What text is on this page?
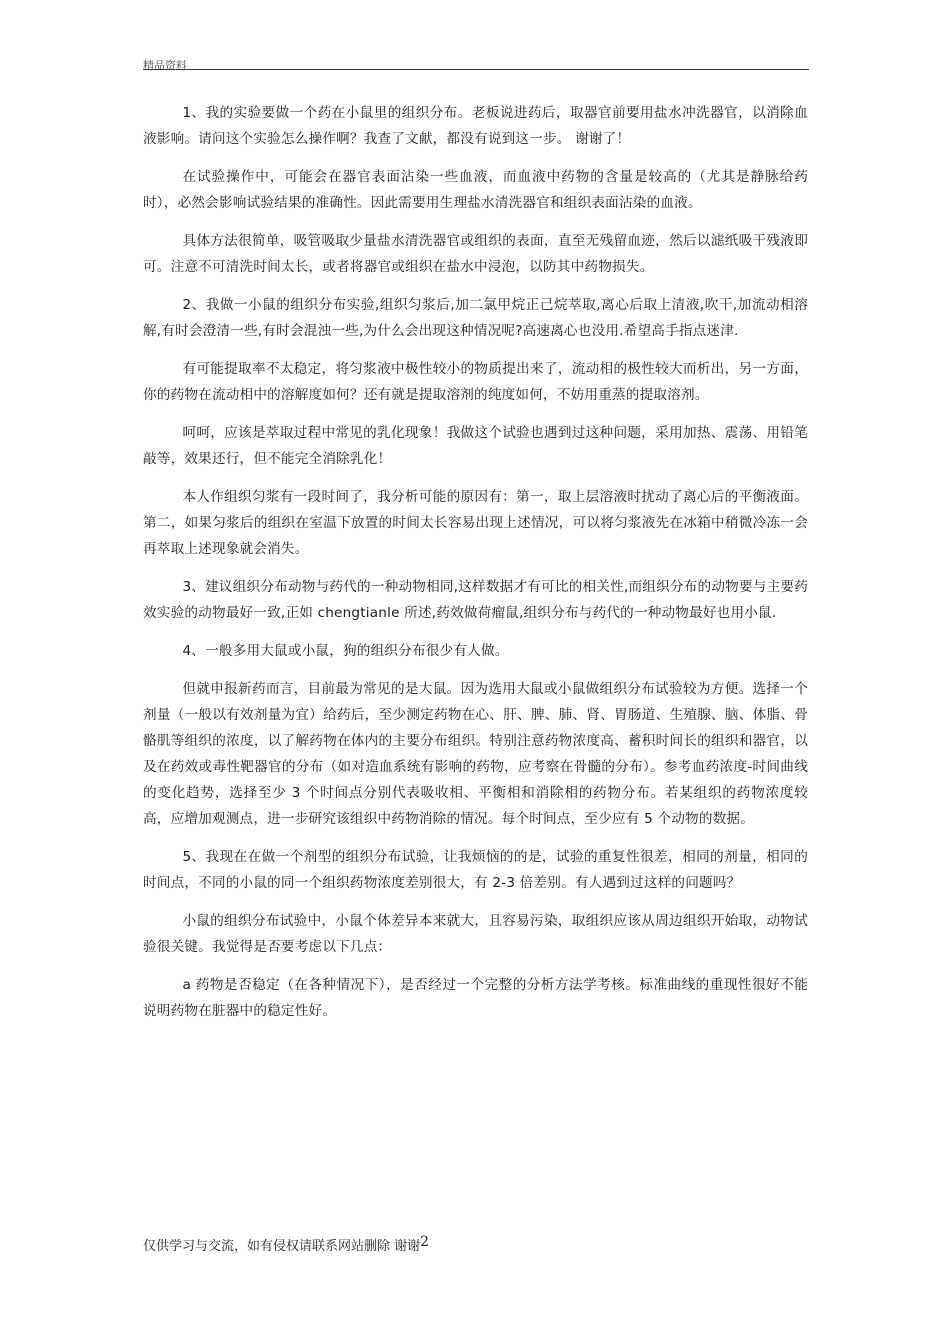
精品资料

1、我的实验要做一个药在小鼠里的组织分布。老板说进药后，取器官前要用盐水冲洗器官，以消除血液影响。请问这个实验怎么操作啊？我查了文献，都没有说到这一步。 谢谢了！

在试验操作中，可能会在器官表面沾染一些血液，而血液中药物的含量是较高的（尤其是静脉给药时），必然会影响试验结果的准确性。因此需要用生理盐水清洗器官和组织表面沾染的血液。

具体方法很简单，吸管吸取少量盐水清洗器官或组织的表面，直至无残留血迹，然后以滤纸吸干残液即可。注意不可清洗时间太长，或者将器官或组织在盐水中浸泡，以防其中药物损失。

2、我做一小鼠的组织分布实验,组织匀浆后,加二氯甲烷正己烷萃取,离心后取上清液,吹干,加流动相溶解,有时会澄清一些,有时会混浊一些,为什么会出现这种情况呢?高速离心也没用.希望高手指点迷津.

有可能提取率不太稳定，将匀浆液中极性较小的物质提出来了，流动相的极性较大而析出，另一方面，你的药物在流动相中的溶解度如何？还有就是提取溶剂的纯度如何，不妨用重蒸的提取溶剂。

呵呵，应该是萃取过程中常见的乳化现象！我做这个试验也遇到过这种问题，采用加热、震荡、用铅笔敲等，效果还行，但不能完全消除乳化！

本人作组织匀浆有一段时间了，我分析可能的原因有：第一，取上层溶液时扰动了离心后的平衡液面。第二，如果匀浆后的组织在室温下放置的时间太长容易出现上述情况，可以将匀浆液先在冰箱中稍微冷冻一会再萃取上述现象就会消失。

3、建议组织分布动物与药代的一种动物相同,这样数据才有可比的相关性,而组织分布的动物要与主要药效实验的动物最好一致,正如 chengtianle 所述,药效做荷瘤鼠,组织分布与药代的一种动物最好也用小鼠.

4、一般多用大鼠或小鼠，狗的组织分布很少有人做。

但就申报新药而言，目前最为常见的是大鼠。因为选用大鼠或小鼠做组织分布试验较为方便。选择一个剂量（一般以有效剂量为宜）给药后，至少测定药物在心、肝、脾、肺、肾、胃肠道、生殖腺、脑、体脂、骨骼肌等组织的浓度，以了解药物在体内的主要分布组织。特别注意药物浓度高、蓄积时间长的组织和器官，以及在药效或毒性靶器官的分布（如对造血系统有影响的药物，应考察在骨髓的分布）。参考血药浓度-时间曲线的变化趋势，选择至少 3 个时间点分别代表吸收相、平衡相和消除相的药物分布。若某组织的药物浓度较高，应增加观测点，进一步研究该组织中药物消除的情况。每个时间点，至少应有 5 个动物的数据。

5、我现在在做一个剂型的组织分布试验，让我烦恼的的是，试验的重复性很差，相同的剂量，相同的时间点，不同的小鼠的同一个组织药物浓度差别很大，有 2-3 倍差别。有人遇到过这样的问题吗？

小鼠的组织分布试验中，小鼠个体差异本来就大，且容易污染，取组织应该从周边组织开始取，动物试验很关键。我觉得是否要考虑以下几点：

a 药物是否稳定（在各种情况下），是否经过一个完整的分析方法学考核。标准曲线的重现性很好不能说明药物在脏器中的稳定性好。

仅供学习与交流，如有侵权请联系网站删除 谢谢2
